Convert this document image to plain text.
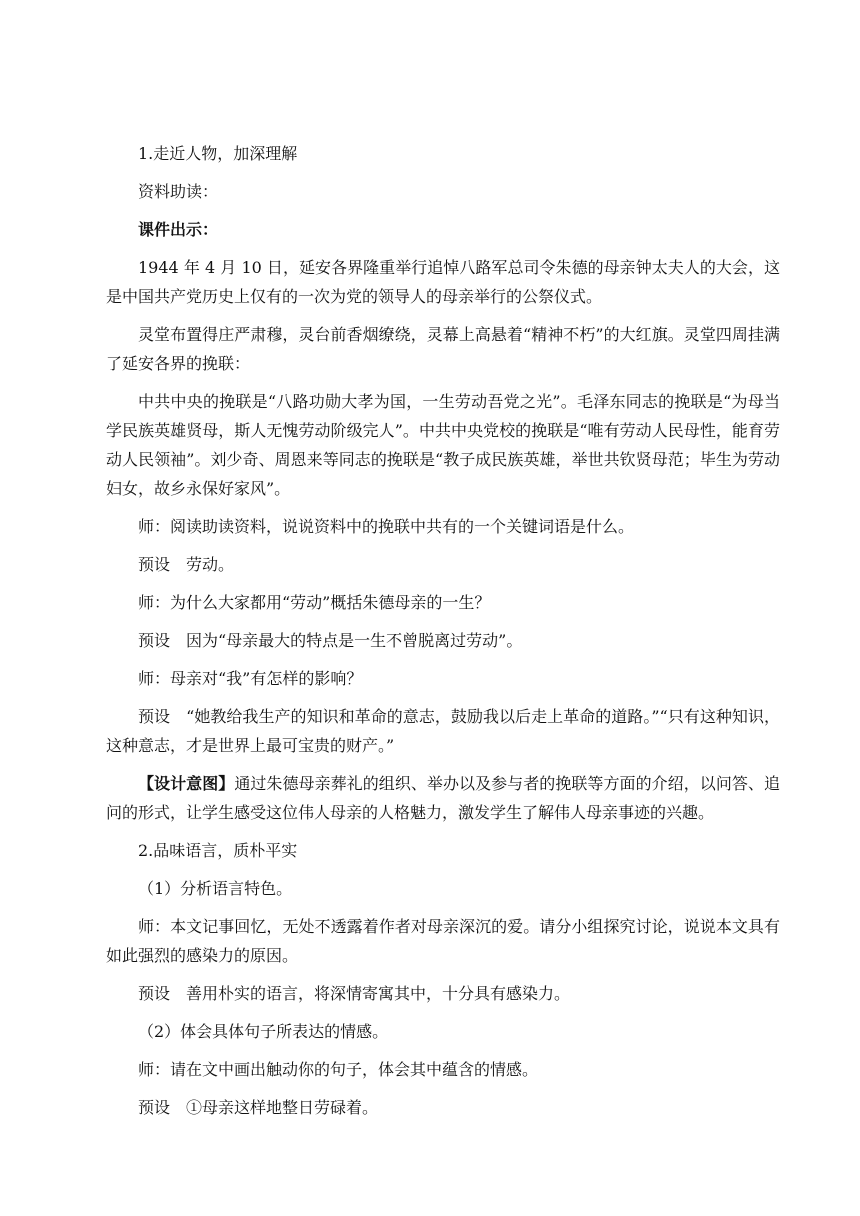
1.走近人物，加深理解

资料助读：

课件出示：

1944 年 4 月 10 日，延安各界隆重举行追悼八路军总司令朱德的母亲钟太夫人的大会，这是中国共产党历史上仅有的一次为党的领导人的母亲举行的公祭仪式。

灵堂布置得庄严肃穆，灵台前香烟缭绕，灵幕上高悬着“精神不朽”的大红旗。灵堂四周挂满了延安各界的挽联：

中共中央的挽联是“八路功勋大孝为国，一生劳动吾党之光”。毛泽东同志的挽联是“为母当学民族英雄贤母，斯人无愧劳动阶级完人”。中共中央党校的挽联是“唯有劳动人民母性，能育劳动人民领袖”。刘少奇、周恩来等同志的挽联是“教子成民族英雄，举世共钦贤母范；毕生为劳动妇女，故乡永保好家风”。

师：阅读助读资料，说说资料中的挽联中共有的一个关键词语是什么。

预设　劳动。

师：为什么大家都用“劳动”概括朱德母亲的一生？

预设　因为“母亲最大的特点是一生不曾脱离过劳动”。

师：母亲对“我”有怎样的影响？

预设　“她教给我生产的知识和革命的意志，鼓励我以后走上革命的道路。”“只有这种知识，这种意志，才是世界上最可宝贵的财产。”

【设计意图】通过朱德母亲葬礼的组织、举办以及参与者的挽联等方面的介绍，以问答、追问的形式，让学生感受这位伟人母亲的人格魅力，激发学生了解伟人母亲事迹的兴趣。

2.品味语言，质朴平实

（1）分析语言特色。

师：本文记事回忆，无处不透露着作者对母亲深沉的爱。请分小组探究讨论，说说本文具有如此强烈的感染力的原因。

预设　善用朴实的语言，将深情寄寓其中，十分具有感染力。

（2）体会具体句子所表达的情感。

师：请在文中画出触动你的句子，体会其中蕴含的情感。

预设　①母亲这样地整日劳碌着。
